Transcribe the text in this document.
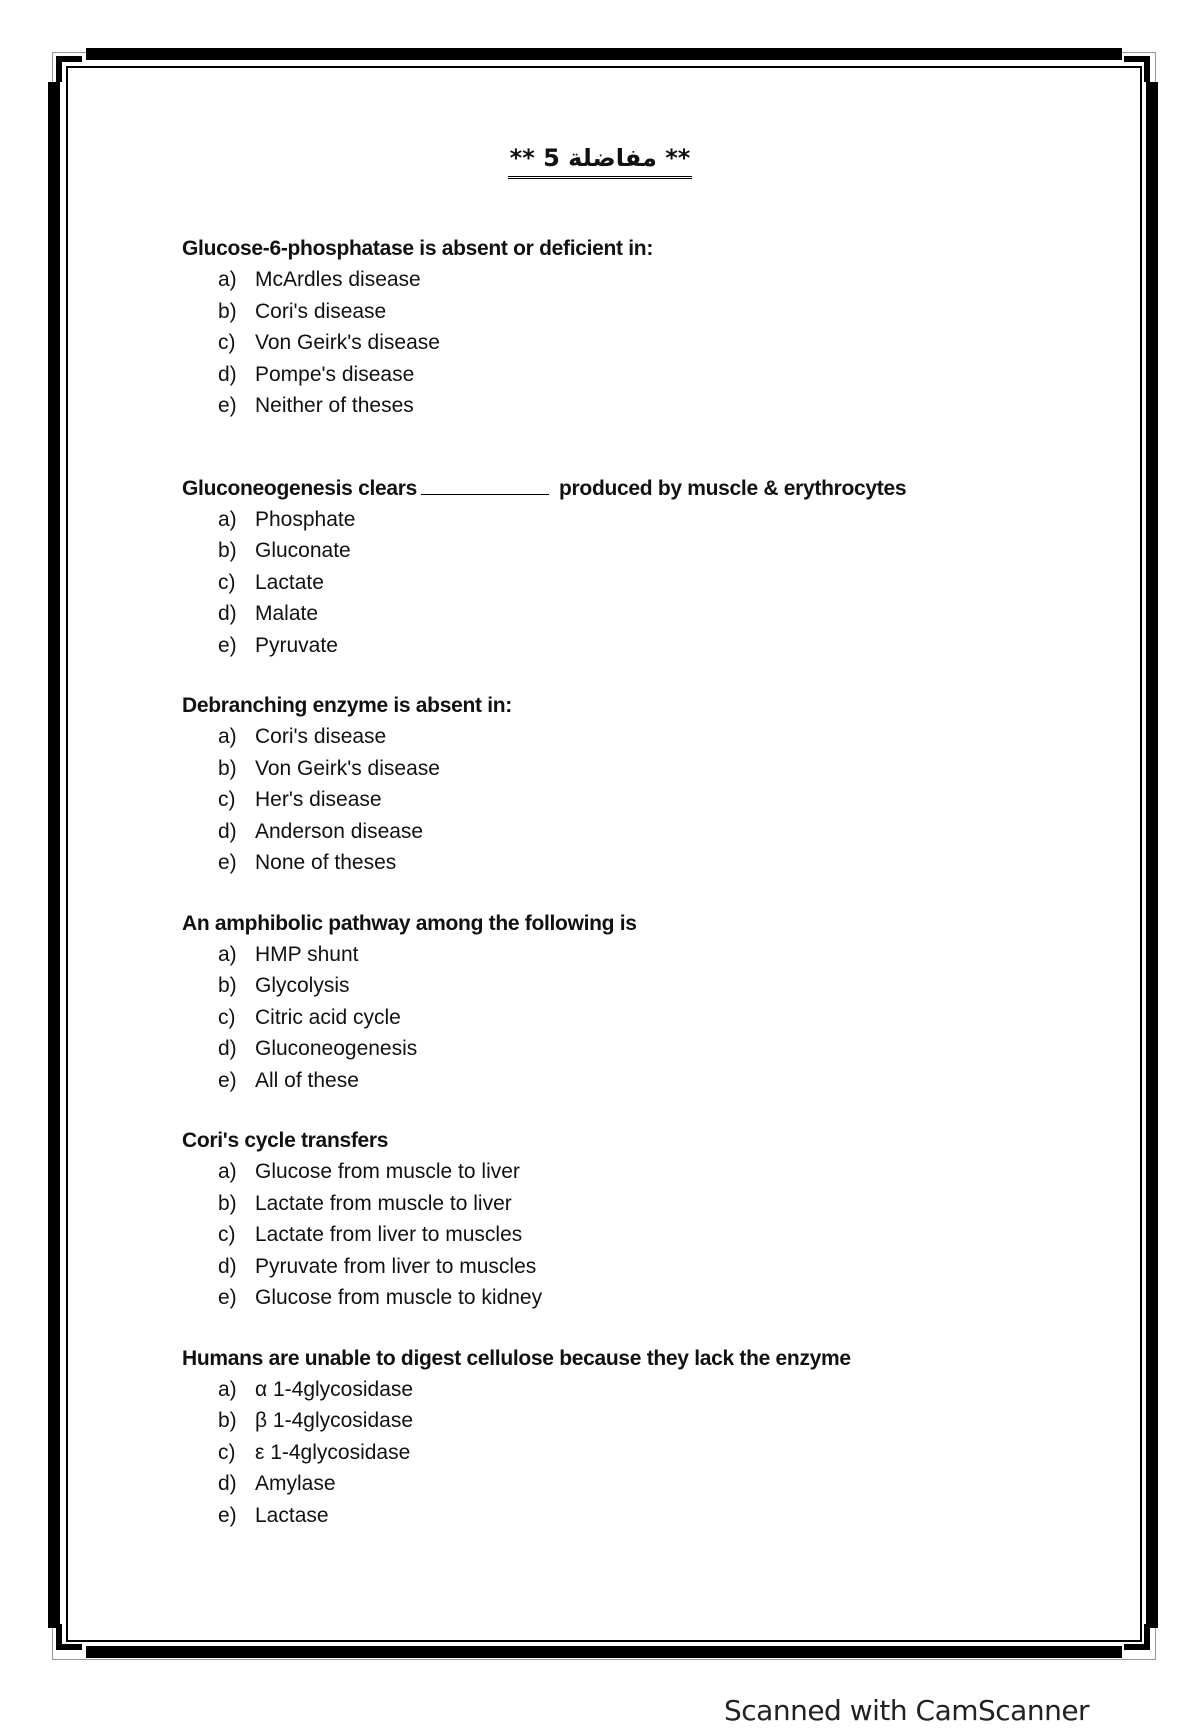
** مفاضلة 5 **
Glucose-6-phosphatase is absent or deficient in:
a) McArdles disease
b) Cori's disease
c) Von Geirk's disease
d) Pompe's disease
e) Neither of theses
Gluconeogenesis clears	produced by muscle & erythrocytes
a) Phosphate
b) Gluconate
c) Lactate
d) Malate
e) Pyruvate
Debranching enzyme is absent in:
a) Cori's disease
b) Von Geirk's disease
c) Her's disease
d) Anderson disease
e) None of theses
An amphibolic pathway among the following is
a) HMP shunt
b) Glycolysis
c) Citric acid cycle
d) Gluconeogenesis
e) All of these
Cori's cycle transfers
a) Glucose from muscle to liver
b) Lactate from muscle to liver
c) Lactate from liver to muscles
d) Pyruvate from liver to muscles
e) Glucose from muscle to kidney
Humans are unable to digest cellulose because they lack the enzyme
a) α 1-4glycosidase
b) β 1-4glycosidase
c) ε 1-4glycosidase
d) Amylase
e) Lactase
Scanned with CamScanner
